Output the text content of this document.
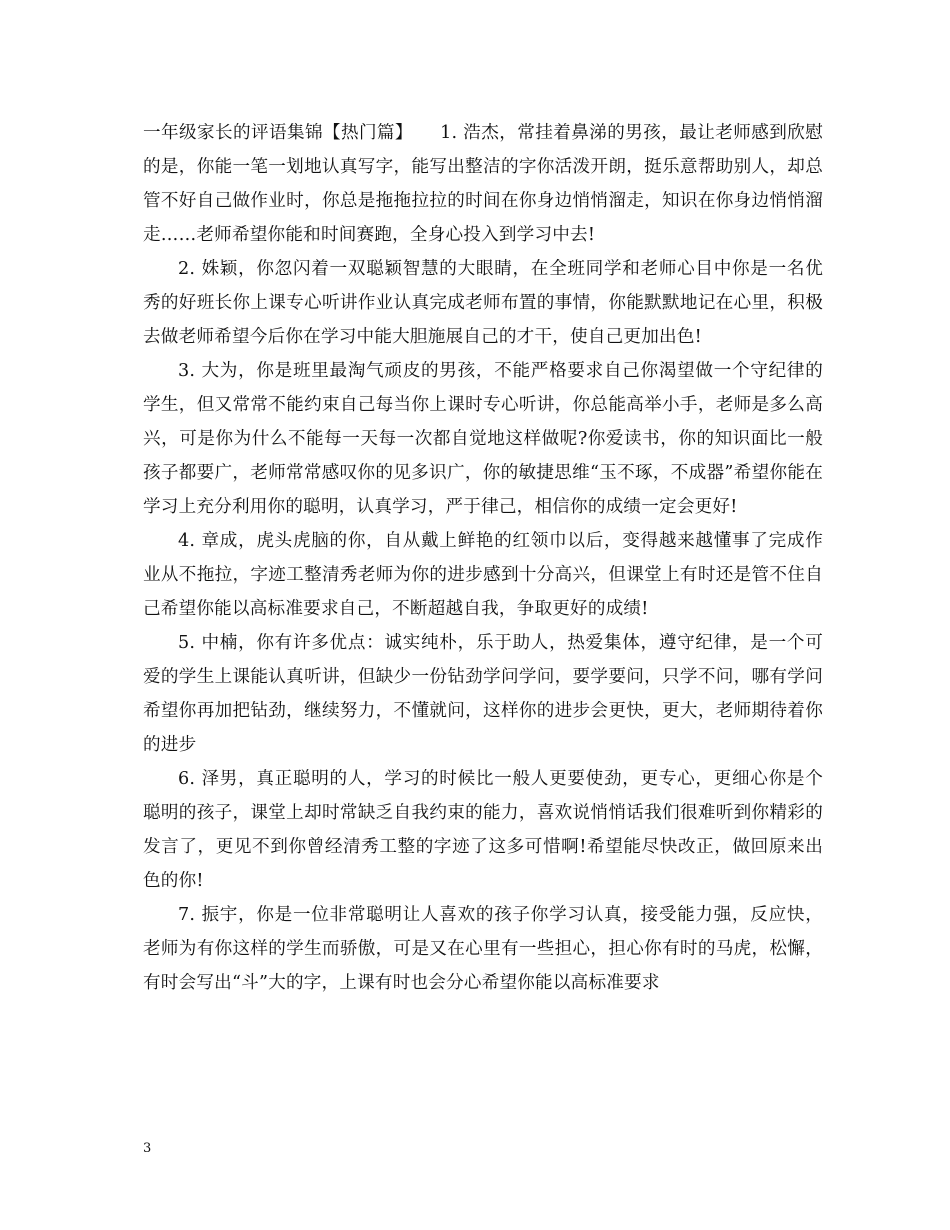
一年级家长的评语集锦【热门篇】　　1. 浩杰，常挂着鼻涕的男孩，最让老师感到欣慰的是，你能一笔一划地认真写字，能写出整洁的字你活泼开朗，挺乐意帮助别人，却总管不好自己做作业时，你总是拖拖拉拉的时间在你身边悄悄溜走，知识在你身边悄悄溜走……老师希望你能和时间赛跑，全身心投入到学习中去!

2. 姝颖，你忽闪着一双聪颖智慧的大眼睛，在全班同学和老师心目中你是一名优秀的好班长你上课专心听讲作业认真完成老师布置的事情，你能默默地记在心里，积极去做老师希望今后你在学习中能大胆施展自己的才干，使自己更加出色!

3. 大为，你是班里最淘气顽皮的男孩，不能严格要求自己你渴望做一个守纪律的学生，但又常常不能约束自己每当你上课时专心听讲，你总能高举小手，老师是多么高兴，可是你为什么不能每一天每一次都自觉地这样做呢?你爱读书，你的知识面比一般孩子都要广，老师常常感叹你的见多识广，你的敏捷思维“玉不琢，不成器”希望你能在学习上充分利用你的聪明，认真学习，严于律己，相信你的成绩一定会更好!

4. 章成，虎头虎脑的你，自从戴上鲜艳的红领巾以后，变得越来越懂事了完成作业从不拖拉，字迹工整清秀老师为你的进步感到十分高兴，但课堂上有时还是管不住自己希望你能以高标准要求自己，不断超越自我，争取更好的成绩!

5. 中楠，你有许多优点：诚实纯朴，乐于助人，热爱集体，遵守纪律，是一个可爱的学生上课能认真听讲，但缺少一份钻劲学问学问，要学要问，只学不问，哪有学问希望你再加把钻劲，继续努力，不懂就问，这样你的进步会更快，更大，老师期待着你的进步

6. 泽男，真正聪明的人，学习的时候比一般人更要使劲，更专心，更细心你是个聪明的孩子，课堂上却时常缺乏自我约束的能力，喜欢说悄悄话我们很难听到你精彩的发言了，更见不到你曾经清秀工整的字迹了这多可惜啊!希望能尽快改正，做回原来出色的你!

7. 振宇，你是一位非常聪明让人喜欢的孩子你学习认真，接受能力强，反应快，老师为有你这样的学生而骄傲，可是又在心里有一些担心，担心你有时的马虎，松懈，有时会写出“斗”大的字，上课有时也会分心希望你能以高标准要求

3
